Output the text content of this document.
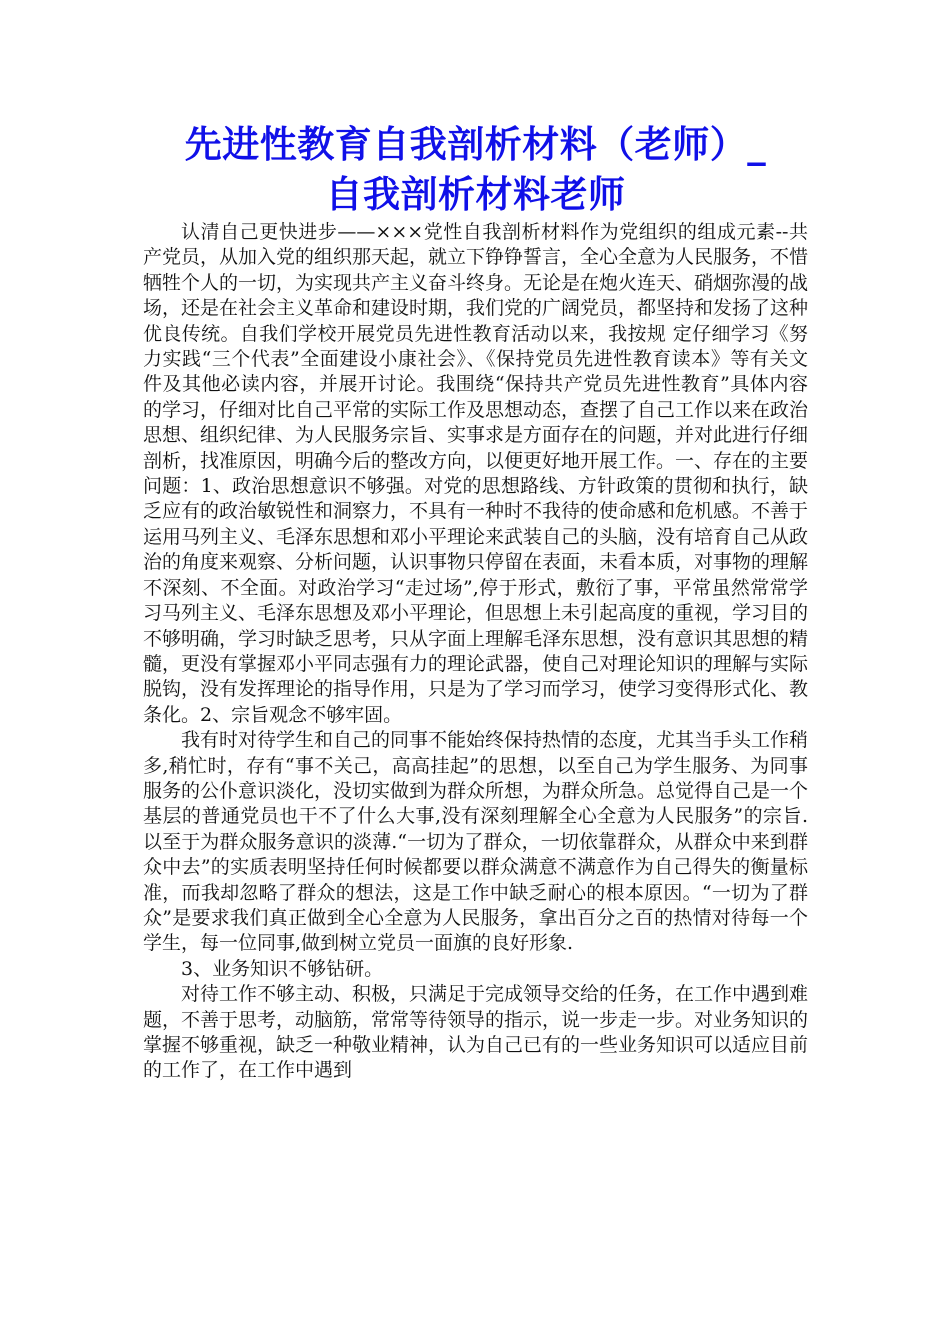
先进性教育自我剖析材料（老师）_
自我剖析材料老师

认清自己更快进步——×××党性自我剖析材料作为党组织的组成元素--共产党员，从加入党的组织那天起，就立下铮铮誓言，全心全意为人民服务，不惜牺牲个人的一切，为实现共产主义奋斗终身。无论是在炮火连天、硝烟弥漫的战场，还是在社会主义革命和建设时期，我们党的广阔党员，都坚持和发扬了这种优良传统。自我们学校开展党员先进性教育活动以来，我按规 定仔细学习《努力实践“三个代表”全面建设小康社会》、《保持党员先进性教育读本》等有关文件及其他必读内容，并展开讨论。我围绕“保持共产党员先进性教育”具体内容的学习，仔细对比自己平常的实际工作及思想动态，查摆了自己工作以来在政治思想、组织纪律、为人民服务宗旨、实事求是方面存在的问题，并对此进行仔细剖析，找准原因，明确今后的整改方向，以便更好地开展工作。一、存在的主要问题：1、政治思想意识不够强。对党的思想路线、方针政策的贯彻和执行，缺乏应有的政治敏锐性和洞察力，不具有一种时不我待的使命感和危机感。不善于运用马列主义、毛泽东思想和邓小平理论来武装自己的头脑，没有培育自己从政治的角度来观察、分析问题，认识事物只停留在表面，未看本质，对事物的理解不深刻、不全面。对政治学习“走过场”,停于形式，敷衍了事，平常虽然常常学习马列主义、毛泽东思想及邓小平理论，但思想上未引起高度的重视，学习目的不够明确，学习时缺乏思考，只从字面上理解毛泽东思想，没有意识其思想的精髓，更没有掌握邓小平同志强有力的理论武器，使自己对理论知识的理解与实际脱钩，没有发挥理论的指导作用，只是为了学习而学习，使学习变得形式化、教条化。2、宗旨观念不够牢固。

我有时对待学生和自己的同事不能始终保持热情的态度，尤其当手头工作稍多,稍忙时，存有“事不关己，高高挂起”的思想，以至自己为学生服务、为同事服务的公仆意识淡化，没切实做到为群众所想，为群众所急。总觉得自己是一个基层的普通党员也干不了什么大事,没有深刻理解全心全意为人民服务”的宗旨.以至于为群众服务意识的淡薄.“一切为了群众，一切依靠群众，从群众中来到群众中去”的实质表明坚持任何时候都要以群众满意不满意作为自己得失的衡量标准，而我却忽略了群众的想法，这是工作中缺乏耐心的根本原因。“一切为了群众”是要求我们真正做到全心全意为人民服务，拿出百分之百的热情对待每一个学生，每一位同事,做到树立党员一面旗的良好形象.

3、业务知识不够钻研。

对待工作不够主动、积极，只满足于完成领导交给的任务，在工作中遇到难题，不善于思考，动脑筋，常常等待领导的指示，说一步走一步。对业务知识的掌握不够重视，缺乏一种敬业精神，认为自己已有的一些业务知识可以适应目前的工作了，在工作中遇到
